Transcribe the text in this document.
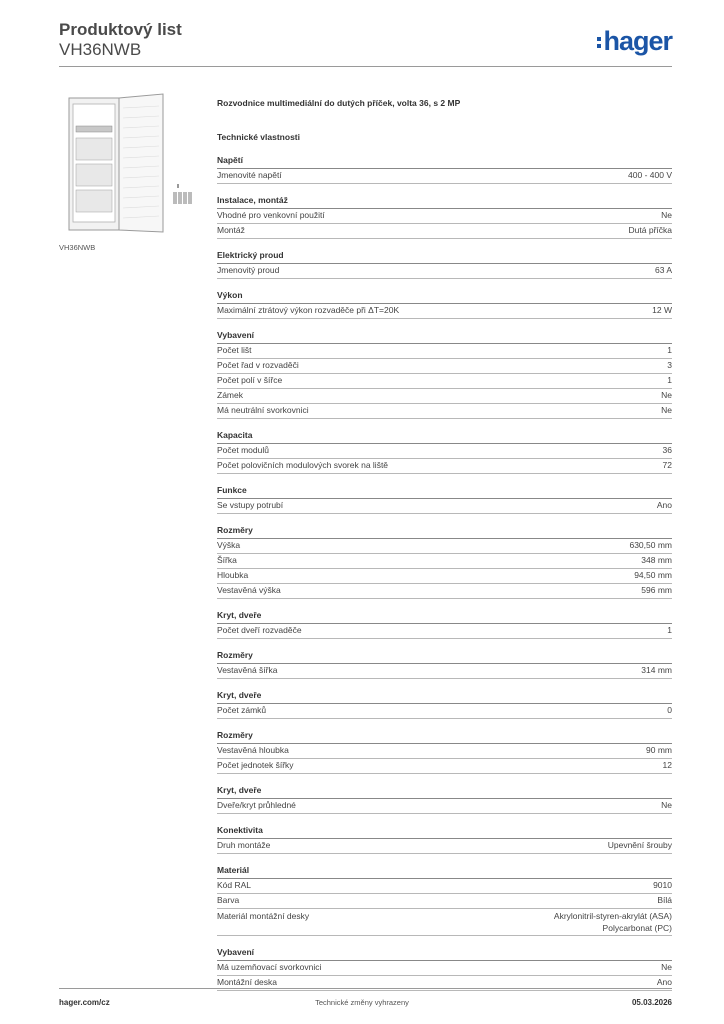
Produktový list
VH36NWB	hager
VH36NWB
Rozvodnice multimediální do dutých příček, volta 36, s 2 MP
Technické vlastnosti
Napětí
Jmenovité napětí	400 - 400 V
Instalace, montáž
Vhodné pro venkovní použití	Ne
Montáž	Dutá příčka
Elektrický proud
Jmenovitý proud	63 A
Výkon
Maximální ztrátový výkon rozvaděče při ΔT=20K	12 W
Vybavení
Počet lišt	1
Počet řad v rozvaděči	3
Počet polí v šířce	1
Zámek	Ne
Má neutrální svorkovnici	Ne
Kapacita
Počet modulů	36
Počet polovičních modulových svorek na liště	72
Funkce
Se vstupy potrubí	Ano
Rozměry
Výška	630,50 mm
Šířka	348 mm
Hloubka	94,50 mm
Vestavěná výška	596 mm
Kryt, dveře
Počet dveří rozvaděče	1
Rozměry
Vestavěná šířka	314 mm
Kryt, dveře
Počet zámků	0
Rozměry
Vestavěná hloubka	90 mm
Počet jednotek šířky	12
Kryt, dveře
Dveře/kryt průhledné	Ne
Konektivita
Druh montáže	Upevnění šrouby
Materiál
Kód RAL	9010
Barva	Bílá
Materiál montážní desky	Akrylonitril-styren-akrylát (ASA)
Polycarbonat (PC)
Vybavení
Má uzemňovací svorkovnici	Ne
Montážní deska	Ano
hager.com/cz	Technické změny vyhrazeny	05.03.2026
